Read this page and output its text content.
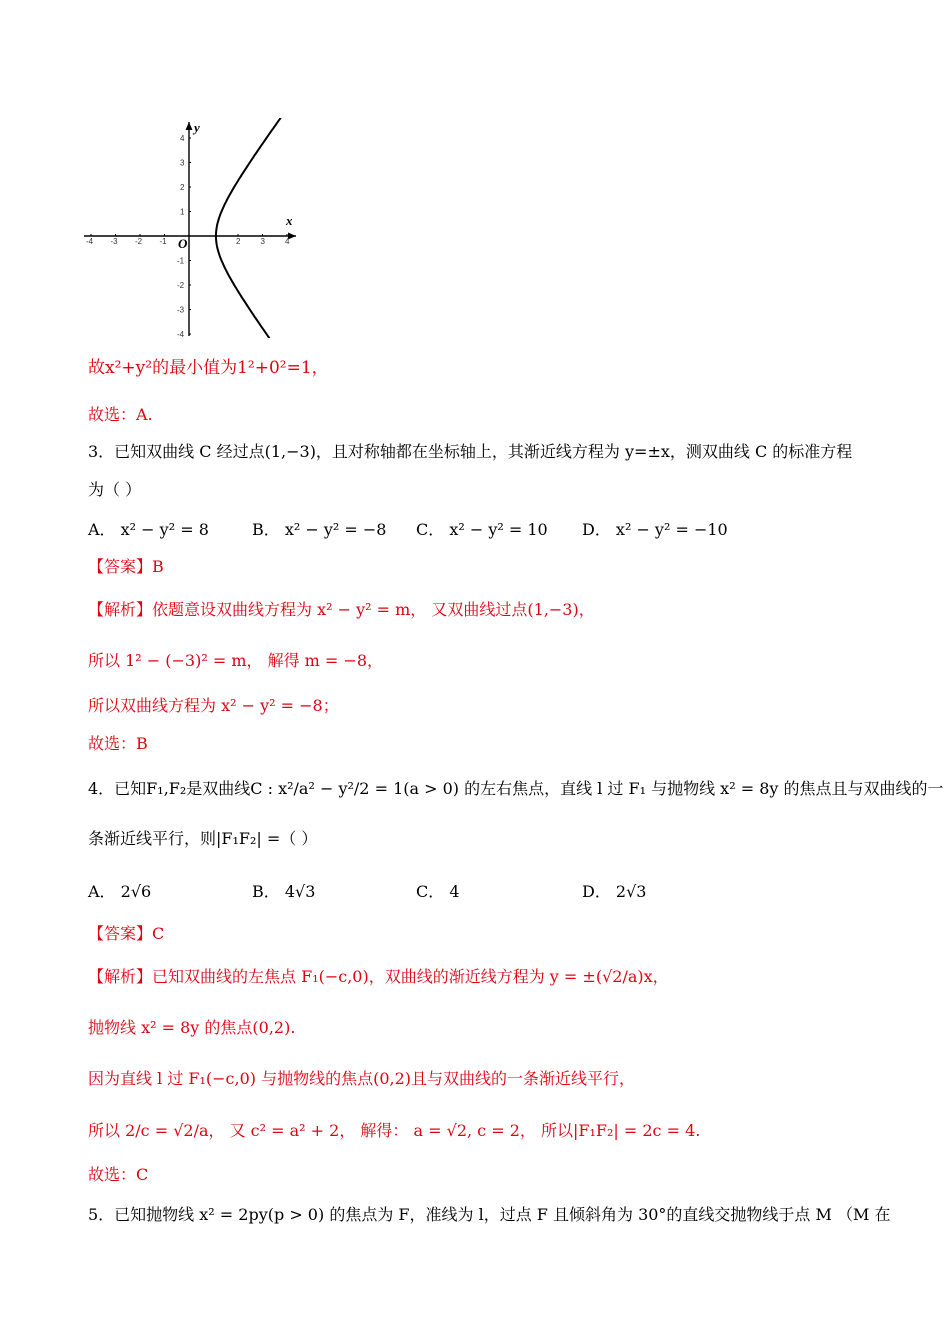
-4 -3 -2 -1	2	3	4
4
3
2
1
-1
-2
-3
-4
x
y
O
故x²+y²的最小值为1²+0²=1，
故选：A.
3．已知双曲线 C 经过点(1,−3)，且对称轴都在坐标轴上，其渐近线方程为 y=±x，测双曲线 C 的标准方程
为（ ）
A． x² − y² = 8	B． x² − y² = −8 C． x² − y² = 10 D． x² − y² = −10
【答案】B
【解析】依题意设双曲线方程为 x² − y² = m， 又双曲线过点(1,−3)，
所以 1² − (−3)² = m， 解得 m = −8，
所以双曲线方程为 x² − y² = −8；
故选：B
4．已知F₁,F₂是双曲线C : x²/a² − y²/2 = 1(a > 0) 的左右焦点，直线 l 过 F₁ 与抛物线 x² = 8y 的焦点且与双曲线的一
条渐近线平行，则|F₁F₂| =（ ）
A． 2√6	B． 4√3	C． 4	D． 2√3
【答案】C
【解析】已知双曲线的左焦点 F₁(−c,0)，双曲线的渐近线方程为 y = ±(√2/a)x，
抛物线 x² = 8y 的焦点(0,2).
因为直线 l 过 F₁(−c,0) 与抛物线的焦点(0,2)且与双曲线的一条渐近线平行，
所以 2/c = √2/a， 又 c² = a² + 2， 解得： a = √2, c = 2， 所以|F₁F₂| = 2c = 4.
故选：C
5．已知抛物线 x² = 2py(p > 0) 的焦点为 F，准线为 l，过点 F 且倾斜角为 30°的直线交抛物线于点 M （M 在
